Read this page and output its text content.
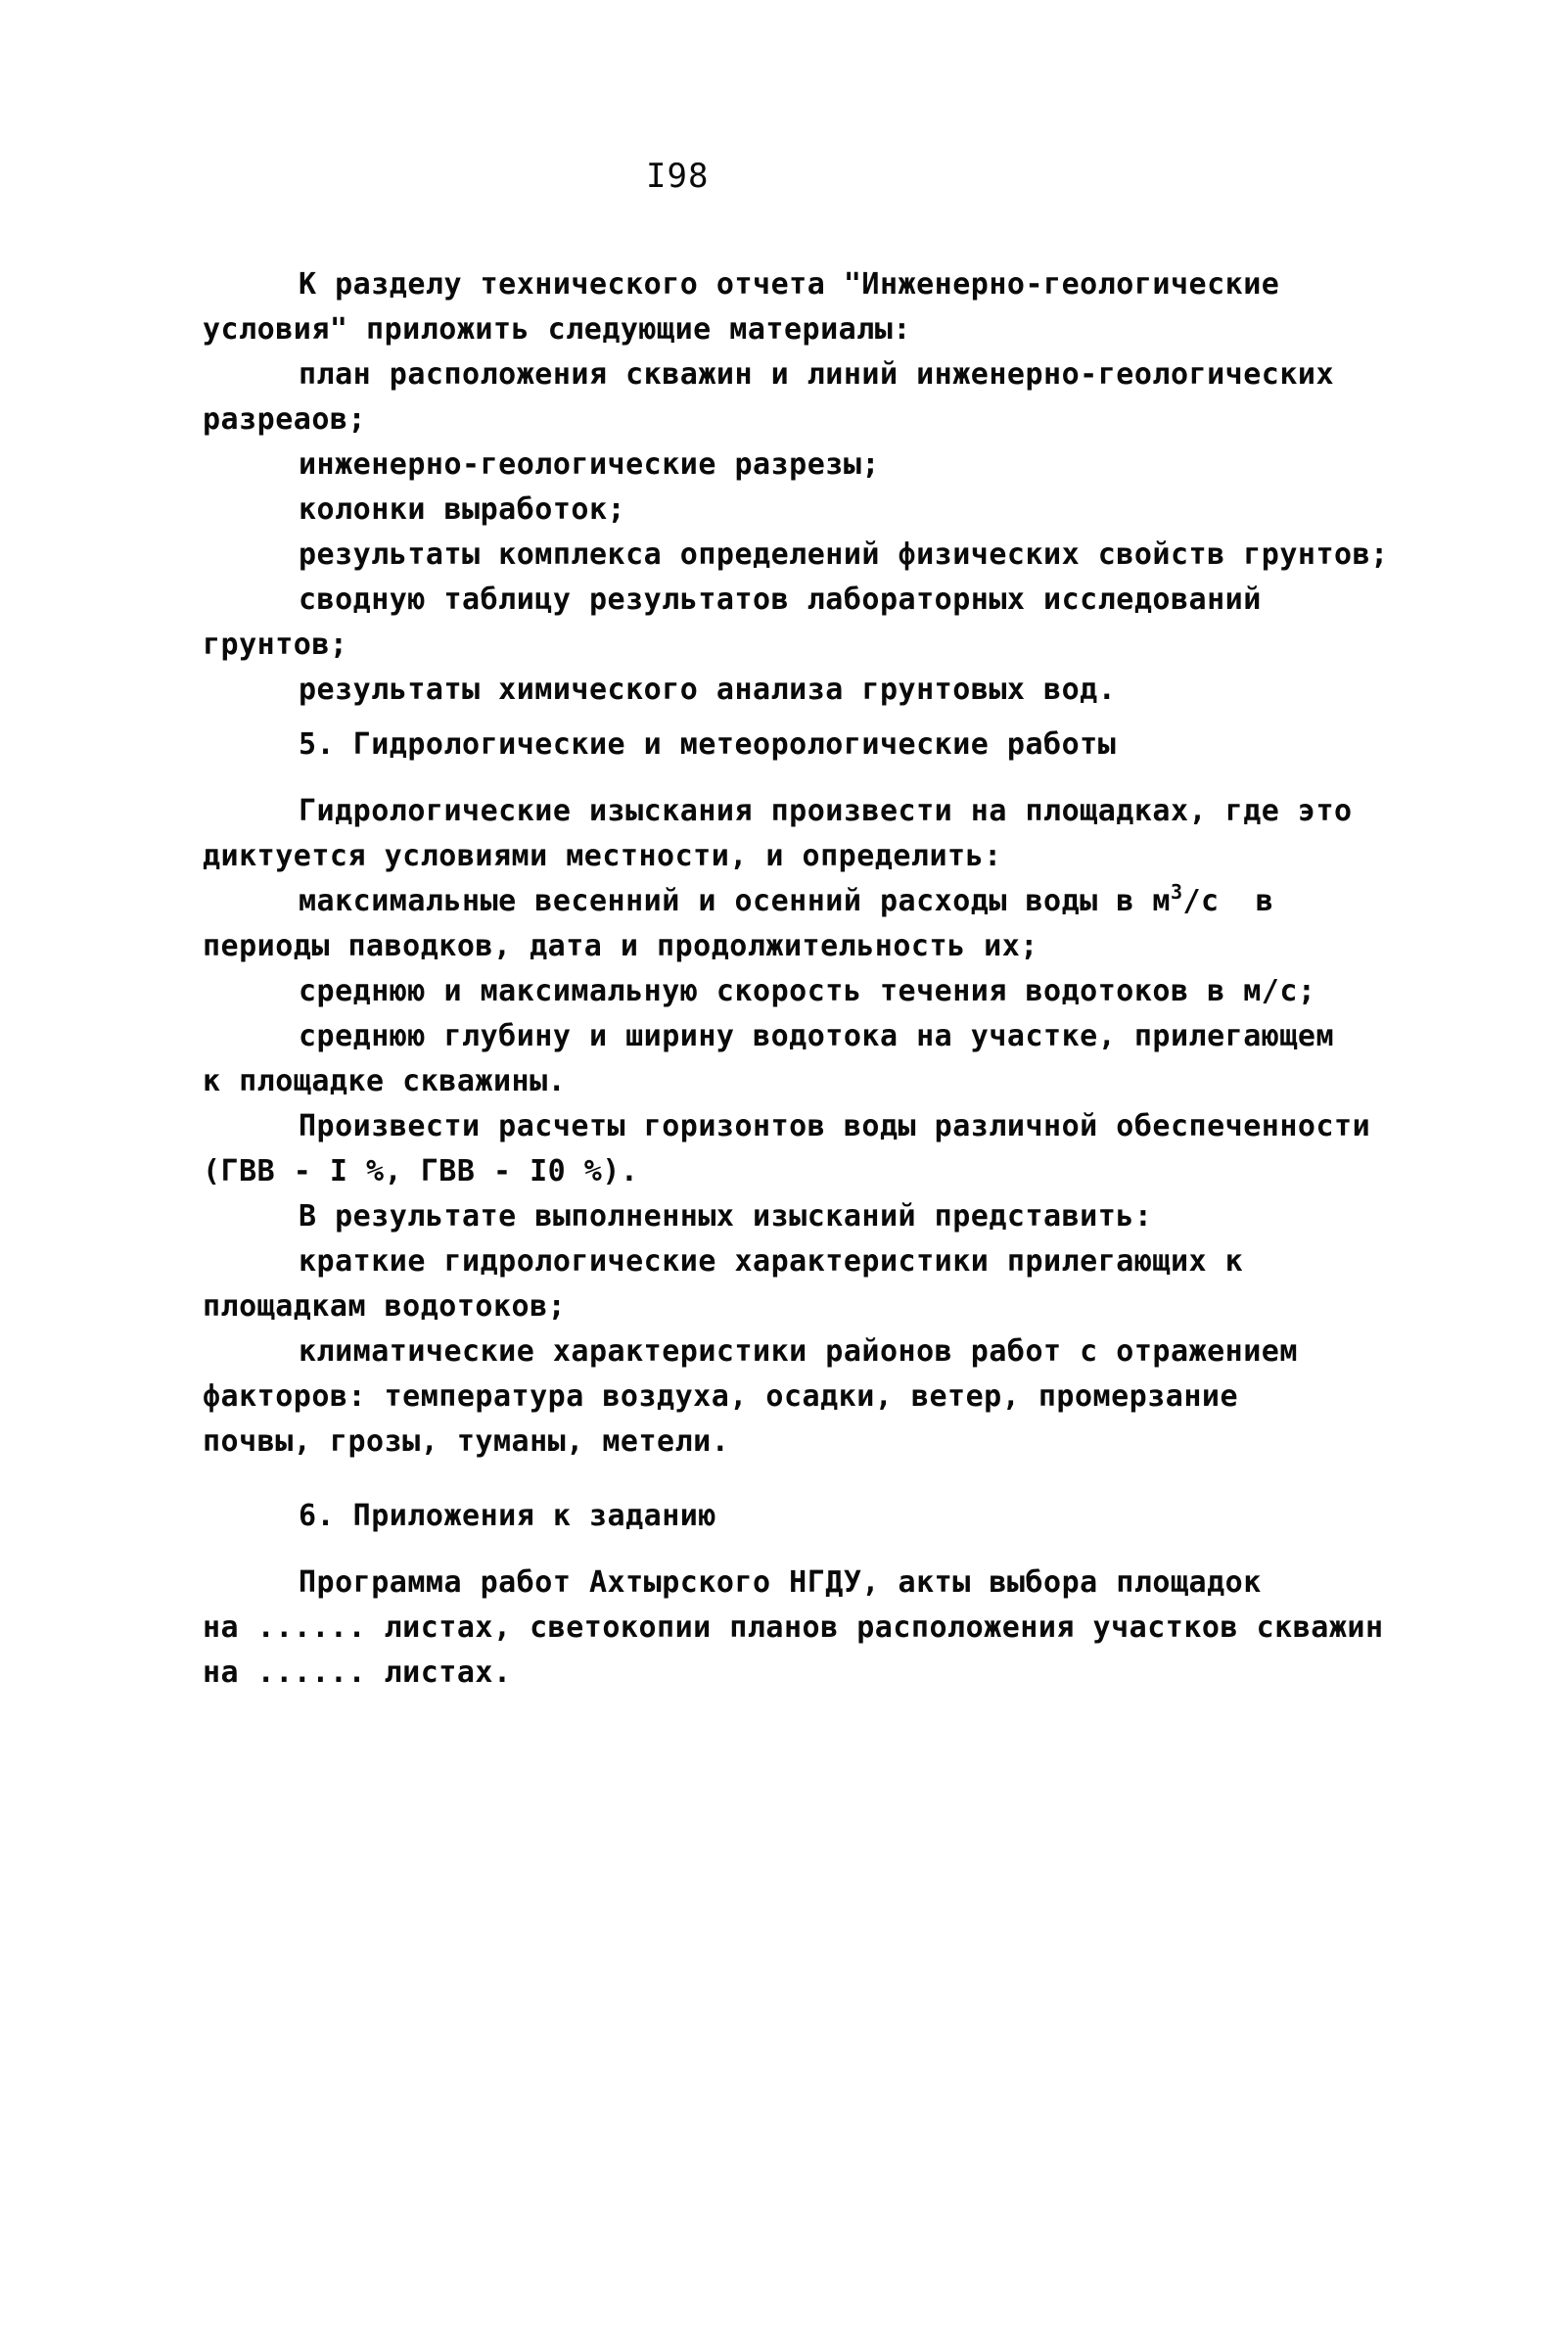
I98
К разделу технического отчета "Инженерно-геологические
условия" приложить следующие материалы:
план расположения скважин и линий инженерно-геологических
разреаов;
инженерно-геологические разрезы;
колонки выработок;
результаты комплекса определений физических свойств грунтов;
сводную таблицу результатов лабораторных исследований
грунтов;
результаты химического анализа грунтовых вод.
5. Гидрологические и метеорологические работы
Гидрологические изыскания произвести на площадках, где это
диктуется условиями местности, и определить:
максимальные весенний и осенний расходы воды в $м^3/с$  в
периоды паводков, дата и продолжительность их;
среднюю и максимальную скорость течения водотоков в м/с;
среднюю глубину и ширину водотока на участке, прилегающем
к площадке скважины.
Произвести расчеты горизонтов воды различной обеспеченности
(ГВВ - I %, ГВВ - I0 %).
В результате выполненных изысканий представить:
краткие гидрологические характеристики прилегающих к
площадкам водотоков;
климатические характеристики районов работ с отражением
факторов: температура воздуха, осадки, ветер, промерзание
почвы, грозы, туманы, метели.
6. Приложения к заданию
Программа работ Ахтырского НГДУ, акты выбора площадок
на ...... листах, светокопии планов расположения участков скважин
на ...... листах.
